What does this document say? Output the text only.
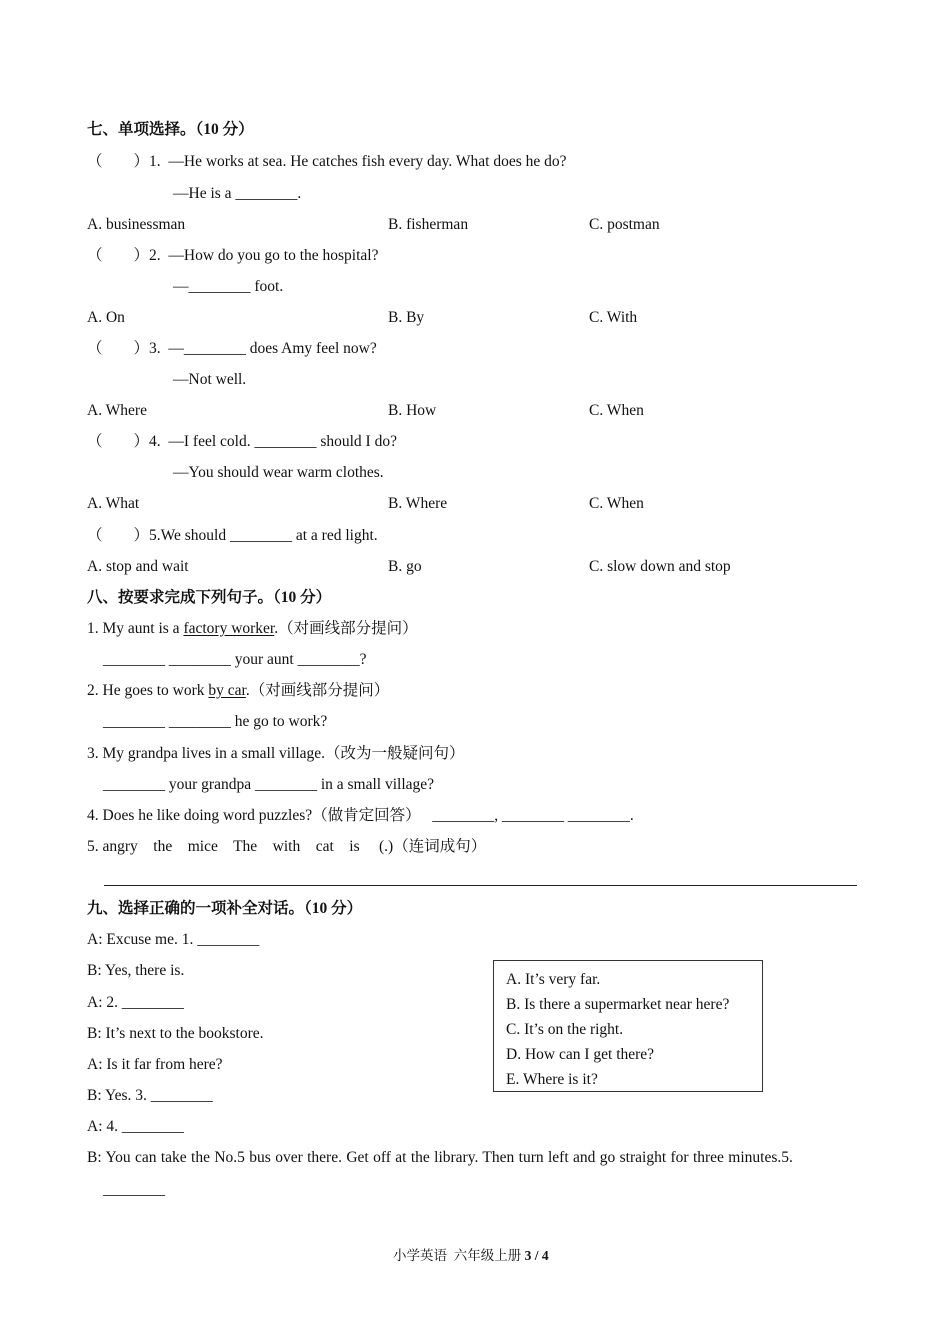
七、单项选择。（10 分）
（　　）1.  —He works at sea. He catches fish every day. What does he do?
—He is a ________.
A. businessman	B. fisherman	C. postman
（　　）2.  —How do you go to the hospital?
—________ foot.
A. On	B. By	C. With
（　　）3.  —________ does Amy feel now?
—Not well.
A. Where	B. How	C. When
（　　）4.  —I feel cold. ________ should I do?
—You should wear warm clothes.
A. What	B. Where	C. When
（　　）5.We should ________ at a red light.
A. stop and wait	B. go	C. slow down and stop
八、按要求完成下列句子。（10 分）
1. My aunt is a factory worker.（对画线部分提问）
________ ________ your aunt ________?
2. He goes to work by car.（对画线部分提问）
________ ________ he go to work?
3. My grandpa lives in a small village.（改为一般疑问句）
________ your grandpa ________ in a small village?
4. Does he like doing word puzzles?（做肯定回答）   ________, ________ ________.
5. angry    the    mice    The    with    cat    is     (.)（连词成句）
九、选择正确的一项补全对话。（10 分）
A: Excuse me. 1. ________
B: Yes, there is.
A: 2. ________
B: It’s next to the bookstore.
A: Is it far from here?
B: Yes. 3. ________
A: 4. ________
B: You can take the No.5 bus over there. Get off at the library. Then turn left and go straight for three minutes.5.
________
A. It’s very far.
B. Is there a supermarket near here?
C. It’s on the right.
D. How can I get there?
E. Where is it?
小学英语  六年级上册 3 / 4
